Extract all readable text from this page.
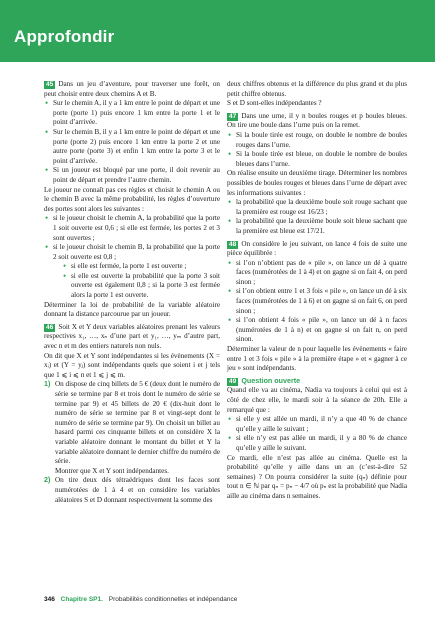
Approfondir

45 Dans un jeu d’aventure, pour traverser une forêt, on peut choisir entre deux chemins A et B.

• Sur le chemin A, il y a 1 km entre le point de départ et une porte (porte 1) puis encore 1 km entre la porte 1 et le point d’arrivée.
• Sur le chemin B, il y a 1 km entre le point de départ et une porte (porte 2) puis encore 1 km entre la porte 2 et une autre porte (porte 3) et enfin 1 km entre la porte 3 et le point d’arrivée.
• Si un joueur est bloqué par une porte, il doit revenir au point de départ et prendre l’autre chemin.

Le joueur ne connaît pas ces règles et choisit le chemin A ou le chemin B avec la même probabilité, les règles d’ouverture des portes sont alors les suivantes :

• si le joueur choisit le chemin A, la probabilité que la porte 1 soit ouverte est 0,6 ; si elle est fermée, les portes 2 et 3 sont ouvertes ;
• si le joueur choisit le chemin B, la probabilité que la porte 2 soit ouverte est 0,8 ;
• si elle est fermée, la porte 1 est ouverte ;
• si elle est ouverte la probabilité que la porte 3 soit ouverte est également 0,8 ; si la porte 3 est fermée alors la porte 1 est ouverte.

Déterminer la loi de probabilité de la variable aléatoire donnant la distance parcourue par un joueur.

46 Soit X et Y deux variables aléatoires prenant les valeurs respectives x₁, …, xₙ d’une part et y₁, …, yₘ d’autre part, avec n et m des entiers naturels non nuls.

On dit que X et Y sont indépendantes si les évènements (X = xᵢ) et (Y = yⱼ) sont indépendants quels que soient i et j tels que 1 ⩽ i ⩽ n et 1 ⩽ j ⩽ m.

1) On dispose de cinq billets de 5 € (deux dont le numéro de série se termine par 8 et trois dont le numéro de série se termine par 9) et 45 billets de 20 € (dix-huit dont le numéro de série se termine par 8 et vingt-sept dont le numéro de série se termine par 9). On choisit un billet au hasard parmi ces cinquante billets et on considère X la variable aléatoire donnant le montant du billet et Y la variable aléatoire donnant le dernier chiffre du numéro de série.
Montrer que X et Y sont indépendantes.
2) On tire deux dés tétraédriques dont les faces sont numérotées de 1 à 4 et on considère les variables aléatoires S et D donnant respectivement la somme des

deux chiffres obtenus et la différence du plus grand et du plus petit chiffre obtenus.

S et D sont-elles indépendantes ?

47 Dans une urne, il y n boules rouges et p boules bleues. On tire une boule dans l’urne puis on la remet.

• Si la boule tirée est rouge, on double le nombre de boules rouges dans l’urne.
• Si la boule tirée est bleue, on double le nombre de boules bleues dans l’urne.

On réalise ensuite un deuxième tirage. Déterminer les nombres possibles de boules rouges et bleues dans l’urne de départ avec les informations suivantes :

• la probabilité que la deuxième boule soit rouge sachant que la première est rouge est 16/23 ;
• la probabilité que la deuxième boule soit bleue sachant que la première est bleue est 17/21.

48 On considère le jeu suivant, on lance 4 fois de suite une pièce équilibrée :

• si l’on n’obtient pas de « pile », on lance un dé à quatre faces (numérotées de 1 à 4) et on gagne si on fait 4, on perd sinon ;
• si l’on obtient entre 1 et 3 fois « pile », on lance un dé à six faces (numérotées de 1 à 6) et on gagne si on fait 6, on perd sinon ;
• si l’on obtient 4 fois « pile », on lance un dé à n faces (numérotées de 1 à n) et on gagne si on fait n, on perd sinon.

Déterminer la valeur de n pour laquelle les évènements « faire entre 1 et 3 fois « pile » à la première étape » et « gagner à ce jeu » sont indépendants.

49 Question ouverte

Quand elle va au cinéma, Nadia va toujours à celui qui est à côté de chez elle, le mardi soir à la séance de 20h. Elle a remarqué que :

• si elle y est allée un mardi, il n’y a que 40 % de chance qu’elle y aille le suivant ;
• si elle n’y est pas allée un mardi, il y a 80 % de chance qu’elle y aille le suivant.

Ce mardi, elle n’est pas allée au cinéma. Quelle est la probabilité qu’elle y aille dans un an (c’est-à-dire 52 semaines) ? On pourra considérer la suite (qₙ) définie pour tout n ∈ ℕ par qₙ = pₙ − 4/7 où pₙ est la probabilité que Nadia aille au cinéma dans n semaines.

346 Chapitre SP1. Probabilités conditionnelles et indépendance
